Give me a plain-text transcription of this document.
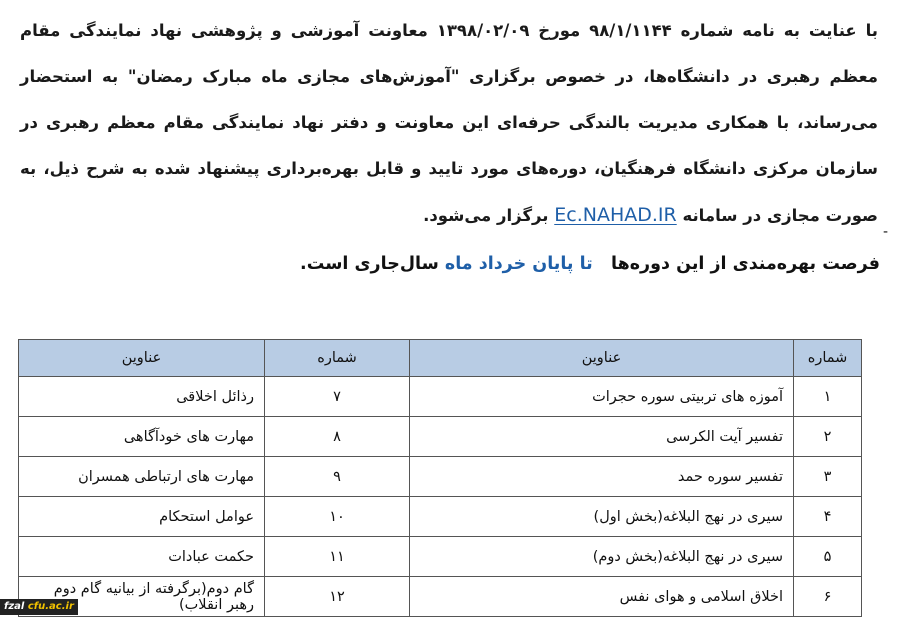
با عنایت به نامه شماره ۹۸/۱/۱۱۴۴ مورخ ۱۳۹۸/۰۲/۰۹ معاونت آموزشی و پژوهشی نهاد نمایندگی مقام معظم رهبری در دانشگاه‌ها، در خصوص برگزاری "آموزش‌های مجازی ماه مبارک رمضان" به استحضار می‌رساند، با همکاری مدیریت بالندگی حرفه‌ای این معاونت و دفتر نهاد نمایندگی مقام معظم رهبری در سازمان مرکزی دانشگاه فرهنگیان، دوره‌های مورد تایید و قابل بهره‌برداری پیشنهاد شده به شرح ذیل، به صورت مجازی در سامانه Ec.NAHAD.IR برگزار می‌شود.
-
فرصت بهره‌مندی از این دوره‌ها   تا پایان خرداد ماه سال‌جاری است.
شماره	عناوین	شماره	عناوین
۱	آموزه های تربیتی سوره حجرات	۷	رذائل اخلاقی
۲	تفسیر آیت الکرسی	۸	مهارت های خودآگاهی
۳	تفسیر سوره حمد	۹	مهارت های ارتباطی همسران
۴	سیری در نهج البلاغه(بخش اول)	۱۰	عوامل استحکام
۵	سیری در نهج البلاغه(بخش دوم)	۱۱	حکمت عبادات
۶	اخلاق اسلامی و هوای نفس	۱۲	گام دوم(برگرفته از بیانیه گام دوم رهبر انقلاب)
fzal cfu.ac.ir
